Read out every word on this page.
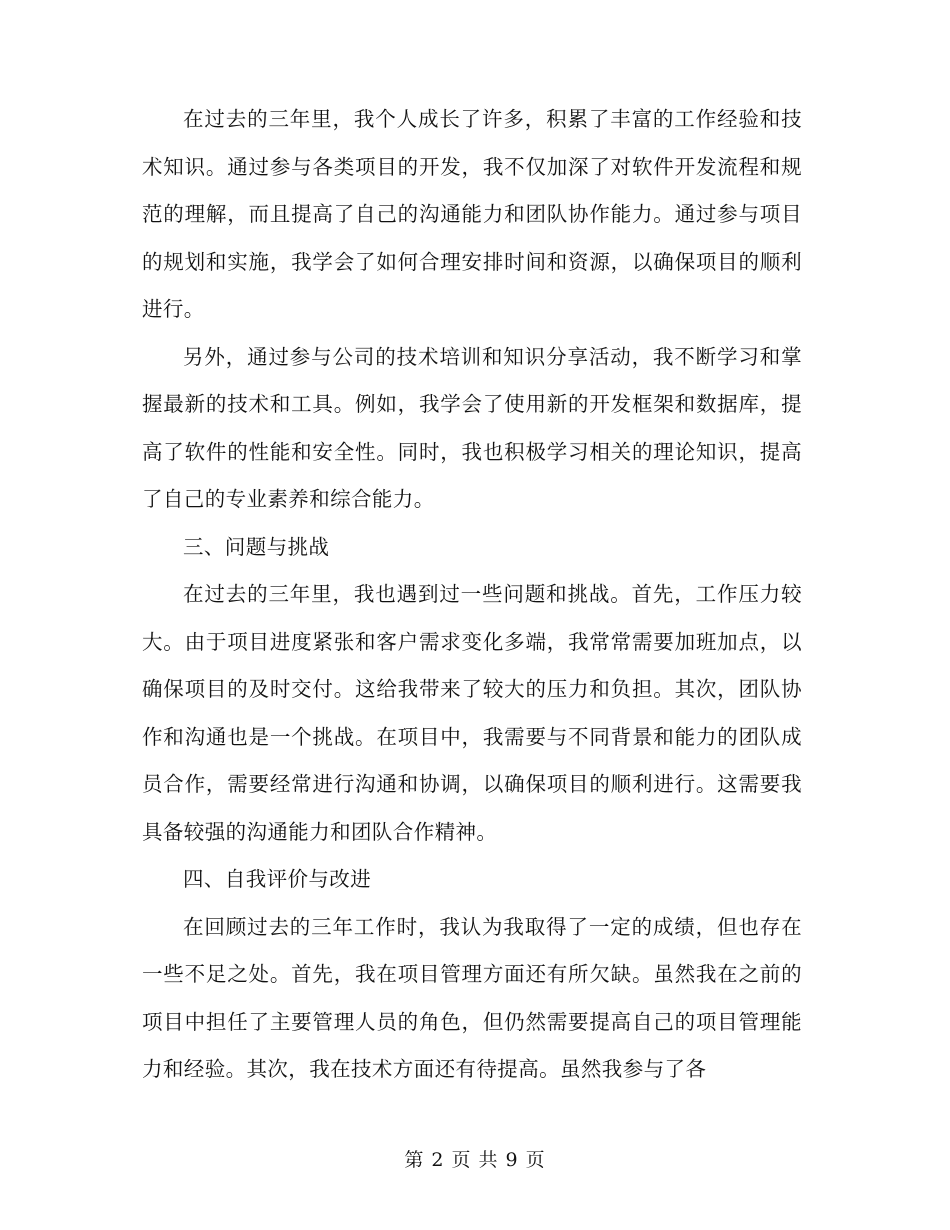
在过去的三年里，我个人成长了许多，积累了丰富的工作经验和技术知识。通过参与各类项目的开发，我不仅加深了对软件开发流程和规范的理解，而且提高了自己的沟通能力和团队协作能力。通过参与项目的规划和实施，我学会了如何合理安排时间和资源，以确保项目的顺利进行。

另外，通过参与公司的技术培训和知识分享活动，我不断学习和掌握最新的技术和工具。例如，我学会了使用新的开发框架和数据库，提高了软件的性能和安全性。同时，我也积极学习相关的理论知识，提高了自己的专业素养和综合能力。

三、问题与挑战

在过去的三年里，我也遇到过一些问题和挑战。首先，工作压力较大。由于项目进度紧张和客户需求变化多端，我常常需要加班加点，以确保项目的及时交付。这给我带来了较大的压力和负担。其次，团队协作和沟通也是一个挑战。在项目中，我需要与不同背景和能力的团队成员合作，需要经常进行沟通和协调，以确保项目的顺利进行。这需要我具备较强的沟通能力和团队合作精神。

四、自我评价与改进

在回顾过去的三年工作时，我认为我取得了一定的成绩，但也存在一些不足之处。首先，我在项目管理方面还有所欠缺。虽然我在之前的项目中担任了主要管理人员的角色，但仍然需要提高自己的项目管理能力和经验。其次，我在技术方面还有待提高。虽然我参与了各

第 2 页 共 9 页
